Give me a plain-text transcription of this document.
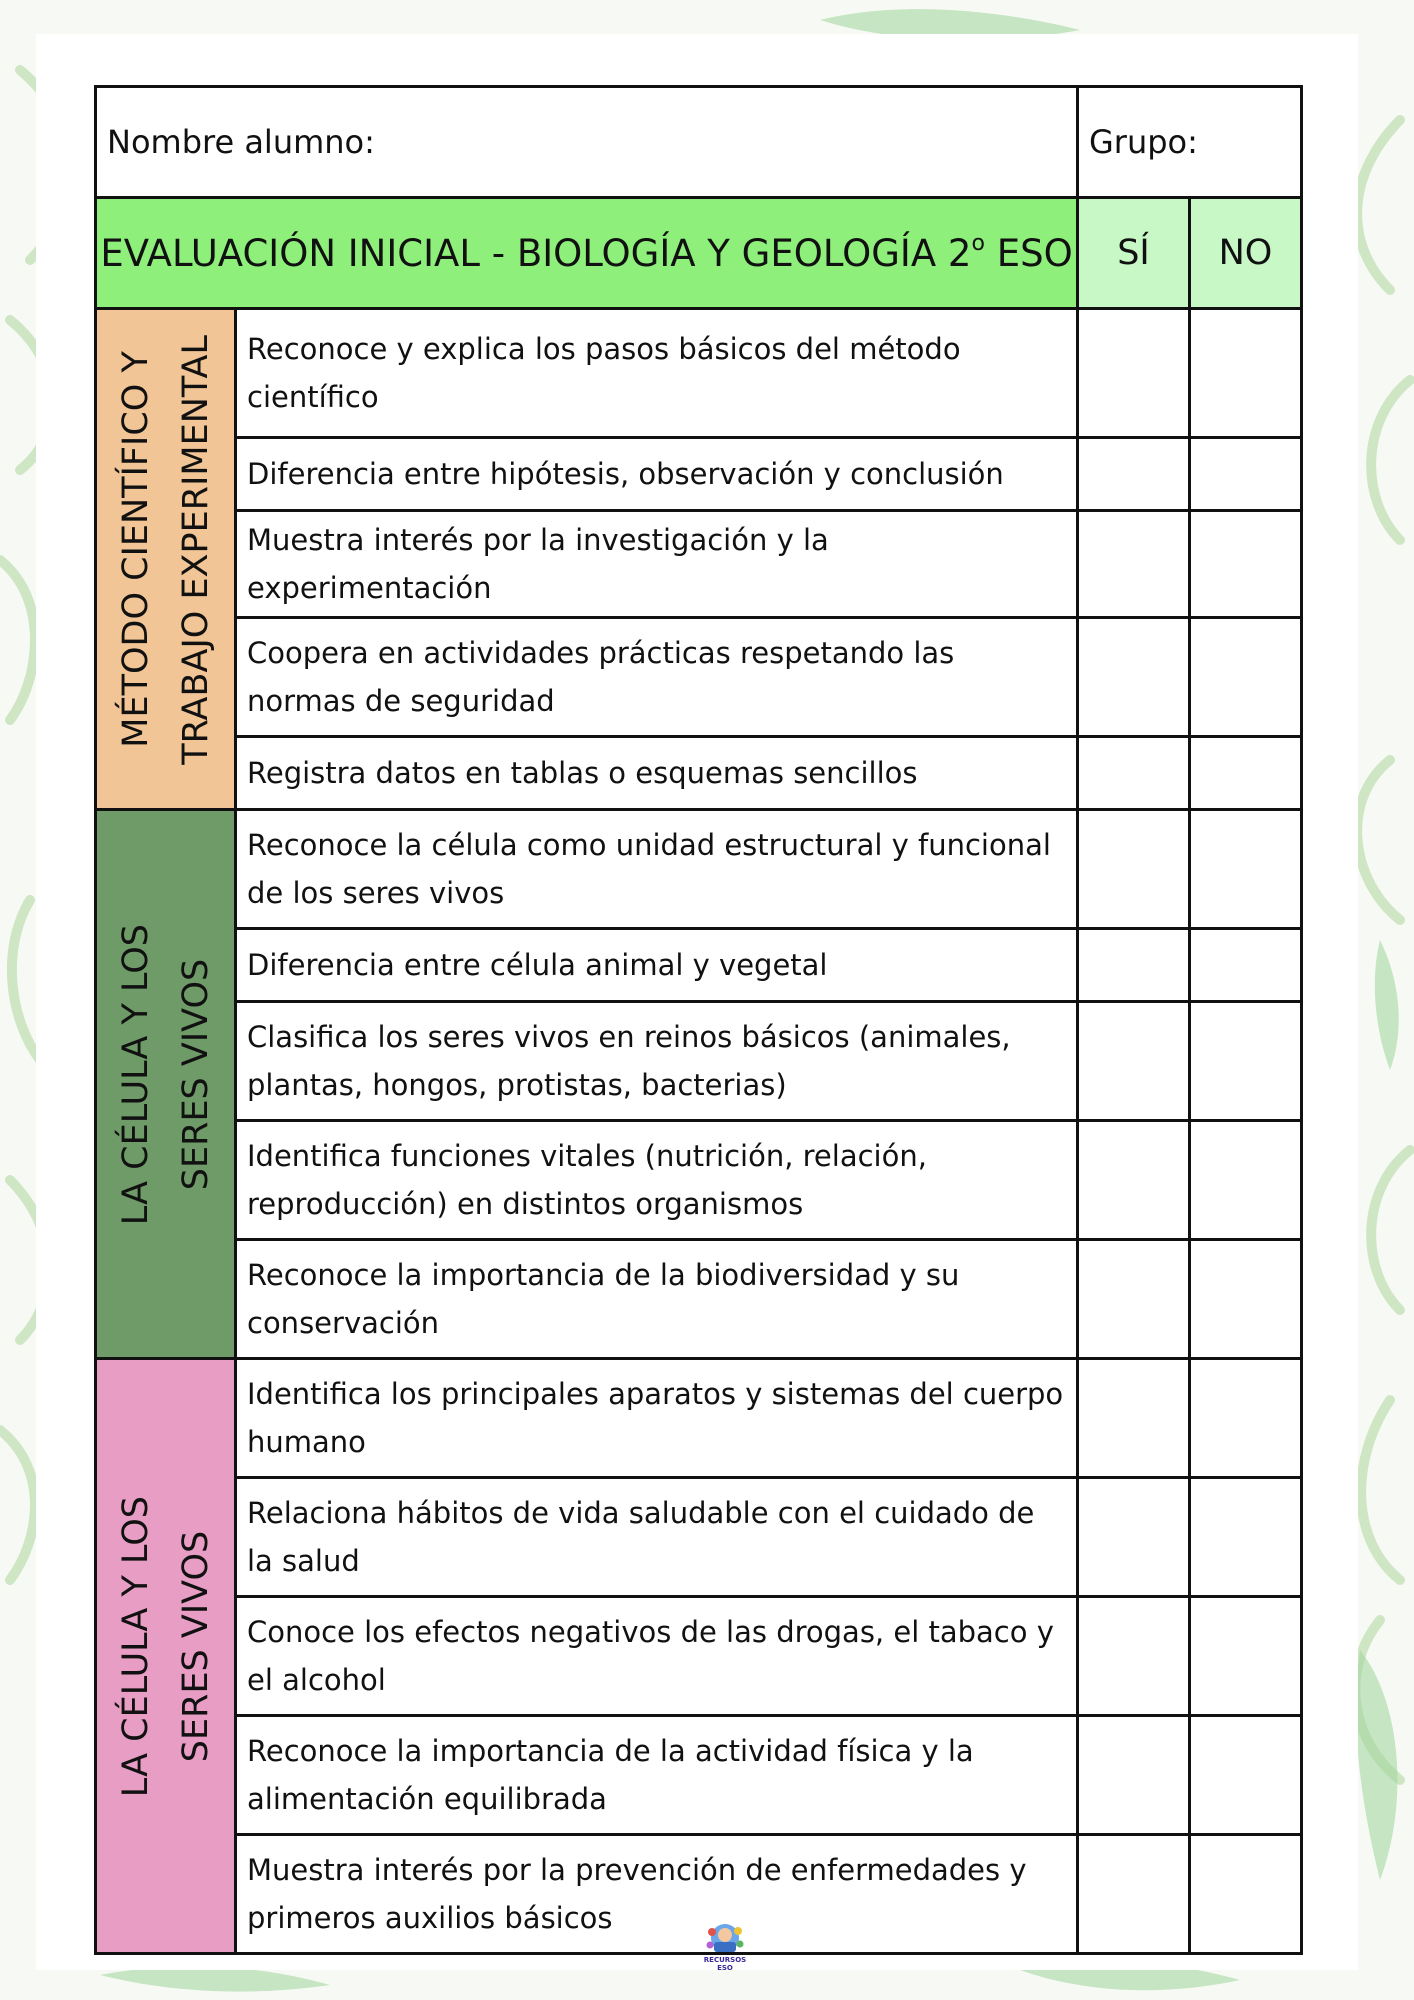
Nombre alumno:		Grupo:	
EVALUACIÓN INICIAL - BIOLOGÍA Y GEOLOGÍA 2$^o$ ESO		SÍ	NO

MÉTODO CIENTÍFICO Y TRABAJO EXPERIMENTAL	Reconoce y explica los pasos básicos del método científico		
	Diferencia entre hipótesis, observación y conclusión		
	Muestra interés por la investigación y la experimentación		
	Coopera en actividades prácticas respetando las normas de seguridad		
	Registra datos en tablas o esquemas sencillos		

LA CÉLULA Y LOS SERES VIVOS	Reconoce la célula como unidad estructural y funcional de los seres vivos		
	Diferencia entre célula animal y vegetal		
	Clasifica los seres vivos en reinos básicos (animales, plantas, hongos, protistas, bacterias)		
	Identifica funciones vitales (nutrición, relación, reproducción) en distintos organismos		
	Reconoce la importancia de la biodiversidad y su conservación		

LA CÉLULA Y LOS SERES VIVOS	Identifica los principales aparatos y sistemas del cuerpo humano		
	Relaciona hábitos de vida saludable con el cuidado de la salud		
	Conoce los efectos negativos de las drogas, el tabaco y el alcohol		
	Reconoce la importancia de la actividad física y la alimentación equilibrada		
	Muestra interés por la prevención de enfermedades y primeros auxilios básicos		
RECURSOS
ESO
